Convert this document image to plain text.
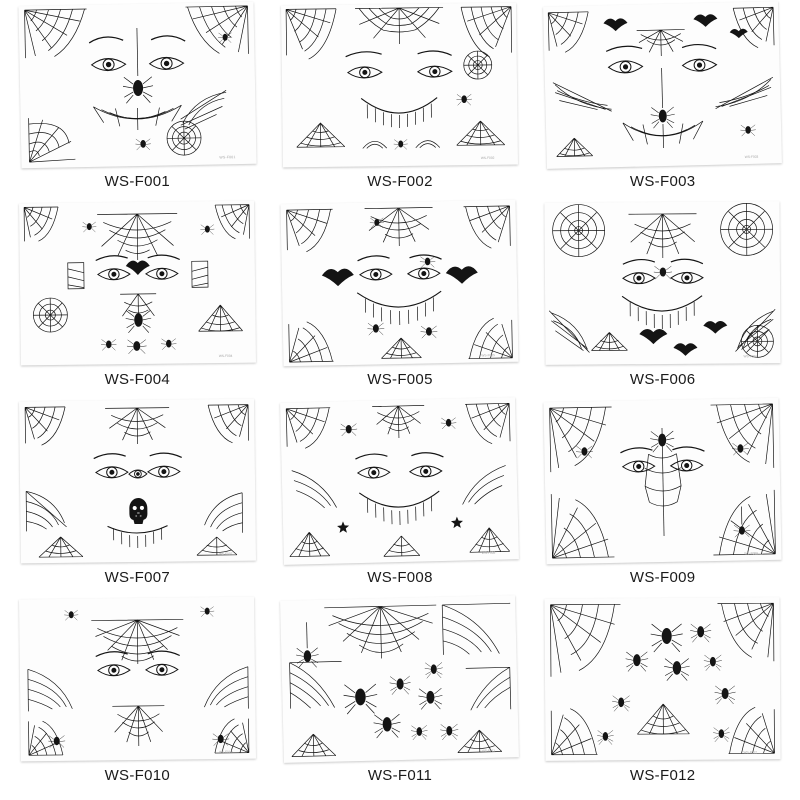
WS-F001
WS-F001
WS-F002
WS-F002
WS-F003
WS-F003
WS-F004
WS-F004
WS-F005
WS-F005
WS-F006
WS-F006
WS-F007
WS-F007
WS-F008
WS-F008
WS-F009
WS-F009
WS-F010
WS-F010
WS-F011
WS-F011
WS-F012
WS-F012
